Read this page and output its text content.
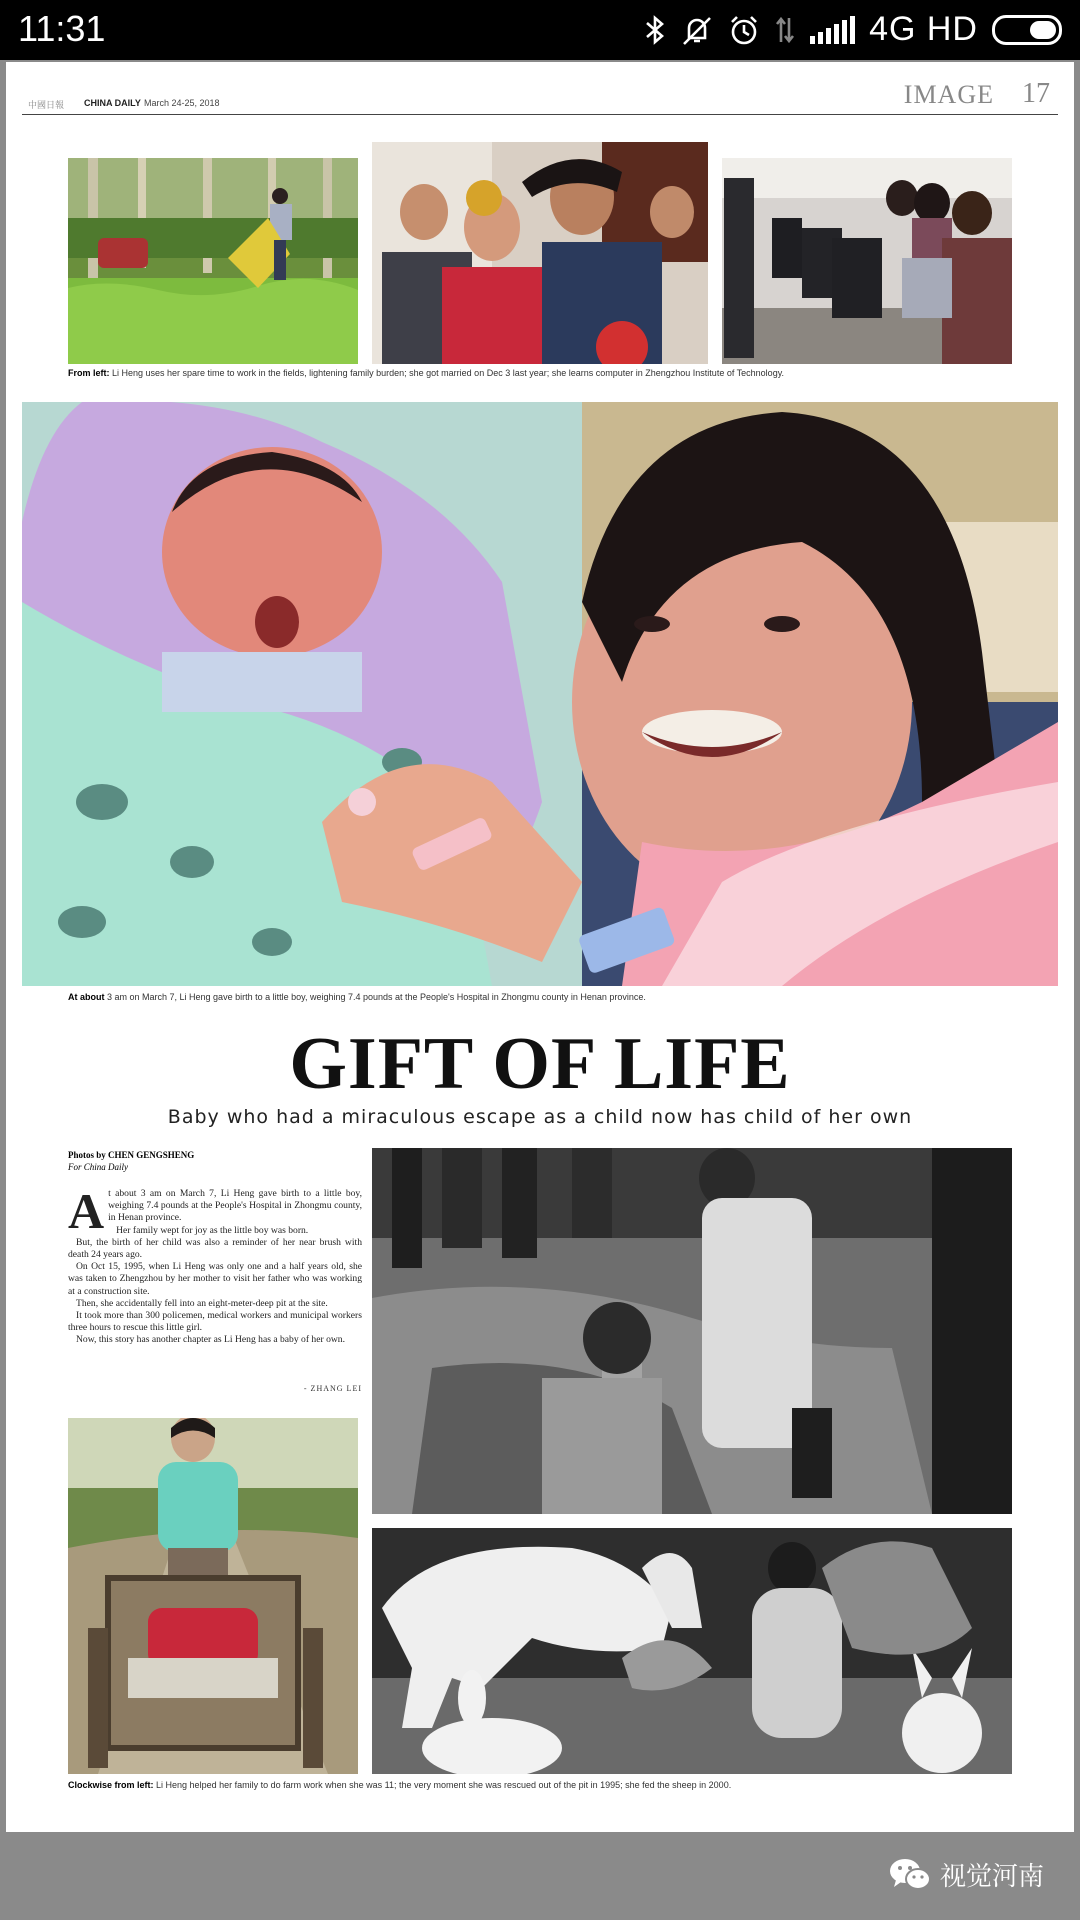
11:31	4G HD
中國日報 CHINA DAILY March 24-25, 2018	IMAGE 17
From left: Li Heng uses her spare time to work in the fields, lightening family burden; she got married on Dec 3 last year; she learns computer in Zhengzhou Institute of Technology.
At about 3 am on March 7, Li Heng gave birth to a little boy, weighing 7.4 pounds at the People's Hospital in Zhongmu county in Henan province.
GIFT OF LIFE
Baby who had a miraculous escape as a child now has child of her own
Photos by CHEN GENGSHENG
For China Daily
A t about 3 am on March 7, Li Heng gave birth to a little boy, weighing 7.4 pounds at the People's Hospital in Zhongmu county, in Henan province.

Her family wept for joy as the little boy was born.

But, the birth of her child was also a reminder of her near brush with death 24 years ago.

On Oct 15, 1995, when Li Heng was only one and a half years old, she was taken to Zhengzhou by her mother to visit her father who was working at a construction site.

Then, she accidentally fell into an eight-meter-deep pit at the site.

It took more than 300 policemen, medical workers and municipal workers three hours to rescue this little girl.

Now, this story has another chapter as Li Heng has a baby of her own.

- ZHANG LEI
Clockwise from left: Li Heng helped her family to do farm work when she was 11; the very moment she was rescued out of the pit in 1995; she fed the sheep in 2000.
视觉河南
